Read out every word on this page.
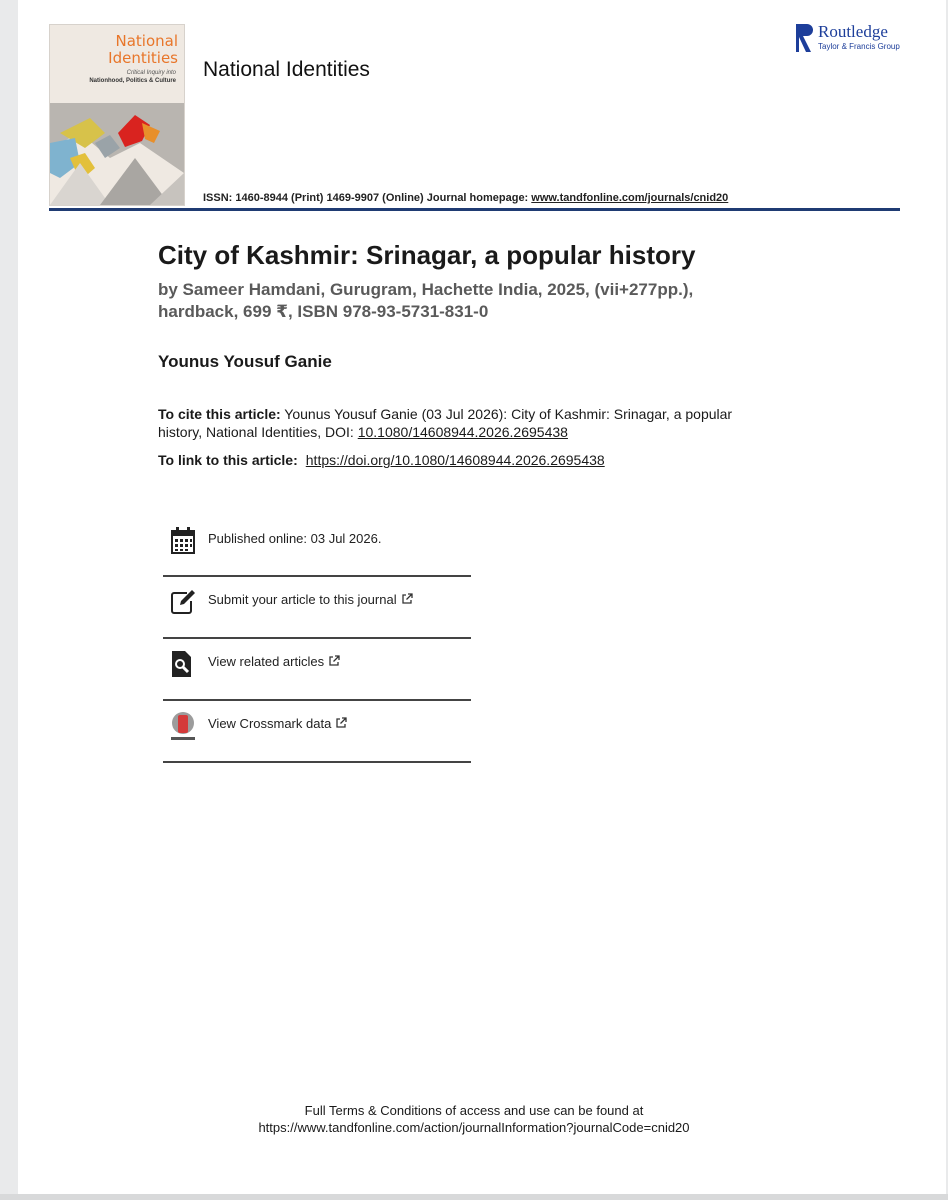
National
Identities
Critical Inquiry into
Nationhood, Politics & Culture National Identities
Routledge
Taylor & Francis Group
ISSN: 1460-8944 (Print) 1469-9907 (Online) Journal homepage: www.tandfonline.com/journals/cnid20
City of Kashmir: Srinagar, a popular history
by Sameer Hamdani, Gurugram, Hachette India, 2025, (vii+277pp.),
hardback, 699 ₹, ISBN 978-93-5731-831-0
Younus Yousuf Ganie
To cite this article: Younus Yousuf Ganie (03 Jul 2026): City of Kashmir: Srinagar, a popular history, National Identities, DOI: 10.1080/14608944.2026.2695438
To link to this article: https://doi.org/10.1080/14608944.2026.2695438
Published online: 03 Jul 2026.
Submit your article to this journal
View related articles
View Crossmark data
Full Terms & Conditions of access and use can be found at
https://www.tandfonline.com/action/journalInformation?journalCode=cnid20
